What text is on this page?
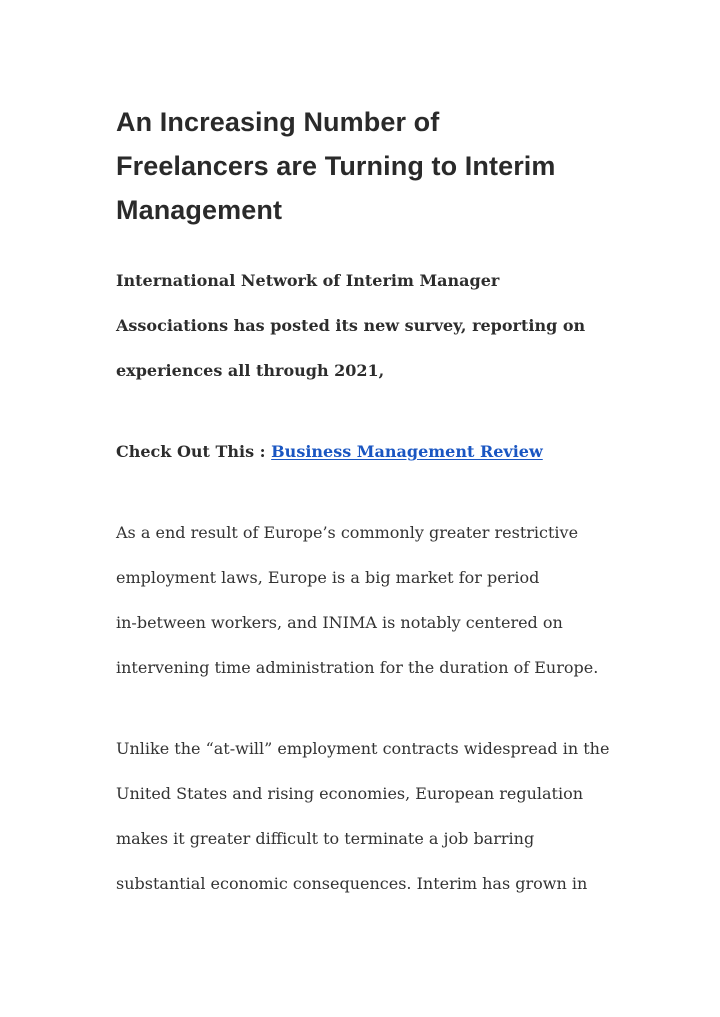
An Increasing Number of
Freelancers are Turning to Interim
Management

International Network of Interim Manager
Associations has posted its new survey, reporting on
experiences all through 2021,

Check Out This : Business Management Review

As a end result of Europe’s commonly greater restrictive
employment laws, Europe is a big market for period
in-between workers, and INIMA is notably centered on
intervening time administration for the duration of Europe.

Unlike the “at-will” employment contracts widespread in the
United States and rising economies, European regulation
makes it greater difficult to terminate a job barring
substantial economic consequences. Interim has grown in
